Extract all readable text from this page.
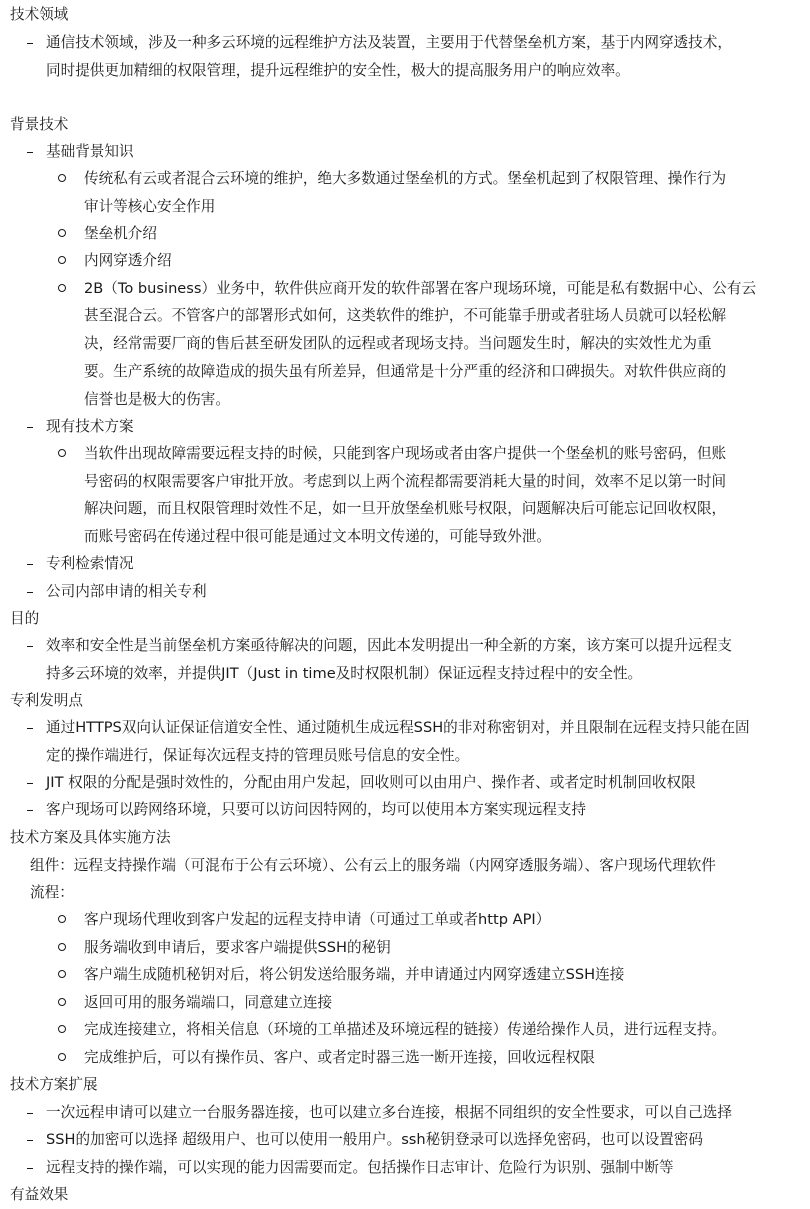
技术领域
通信技术领域，涉及一种多云环境的远程维护方法及装置，主要用于代替堡垒机方案，基于内网穿透技术，
同时提供更加精细的权限管理，提升远程维护的安全性，极大的提高服务用户的响应效率。
背景技术
基础背景知识
传统私有云或者混合云环境的维护，绝大多数通过堡垒机的方式。堡垒机起到了权限管理、操作行为
审计等核心安全作用
堡垒机介绍
内网穿透介绍
2B（To business）业务中，软件供应商开发的软件部署在客户现场环境，可能是私有数据中心、公有云
甚至混合云。不管客户的部署形式如何，这类软件的维护，不可能靠手册或者驻场人员就可以轻松解
决，经常需要厂商的售后甚至研发团队的远程或者现场支持。当问题发生时，解决的实效性尤为重
要。生产系统的故障造成的损失虽有所差异，但通常是十分严重的经济和口碑损失。对软件供应商的
信誉也是极大的伤害。
现有技术方案
当软件出现故障需要远程支持的时候，只能到客户现场或者由客户提供一个堡垒机的账号密码，但账
号密码的权限需要客户审批开放。考虑到以上两个流程都需要消耗大量的时间，效率不足以第一时间
解决问题，而且权限管理时效性不足，如一旦开放堡垒机账号权限，问题解决后可能忘记回收权限，
而账号密码在传递过程中很可能是通过文本明文传递的，可能导致外泄。
专利检索情况
公司内部申请的相关专利
目的
效率和安全性是当前堡垒机方案亟待解决的问题，因此本发明提出一种全新的方案，该方案可以提升远程支
持多云环境的效率，并提供JIT（Just in time及时权限机制）保证远程支持过程中的安全性。
专利发明点
通过HTTPS双向认证保证信道安全性、通过随机生成远程SSH的非对称密钥对，并且限制在远程支持只能在固
定的操作端进行，保证每次远程支持的管理员账号信息的安全性。
JIT 权限的分配是强时效性的，分配由用户发起，回收则可以由用户、操作者、或者定时机制回收权限
客户现场可以跨网络环境，只要可以访问因特网的，均可以使用本方案实现远程支持
技术方案及具体实施方法
组件：远程支持操作端（可混布于公有云环境）、公有云上的服务端（内网穿透服务端）、客户现场代理软件
流程：
客户现场代理收到客户发起的远程支持申请（可通过工单或者http API）
服务端收到申请后，要求客户端提供SSH的秘钥
客户端生成随机秘钥对后，将公钥发送给服务端，并申请通过内网穿透建立SSH连接
返回可用的服务端端口，同意建立连接
完成连接建立，将相关信息（环境的工单描述及环境远程的链接）传递给操作人员，进行远程支持。
完成维护后，可以有操作员、客户、或者定时器三选一断开连接，回收远程权限
技术方案扩展
一次远程申请可以建立一台服务器连接，也可以建立多台连接，根据不同组织的安全性要求，可以自己选择
SSH的加密可以选择 超级用户、也可以使用一般用户。ssh秘钥登录可以选择免密码，也可以设置密码
远程支持的操作端，可以实现的能力因需要而定。包括操作日志审计、危险行为识别、强制中断等
有益效果
